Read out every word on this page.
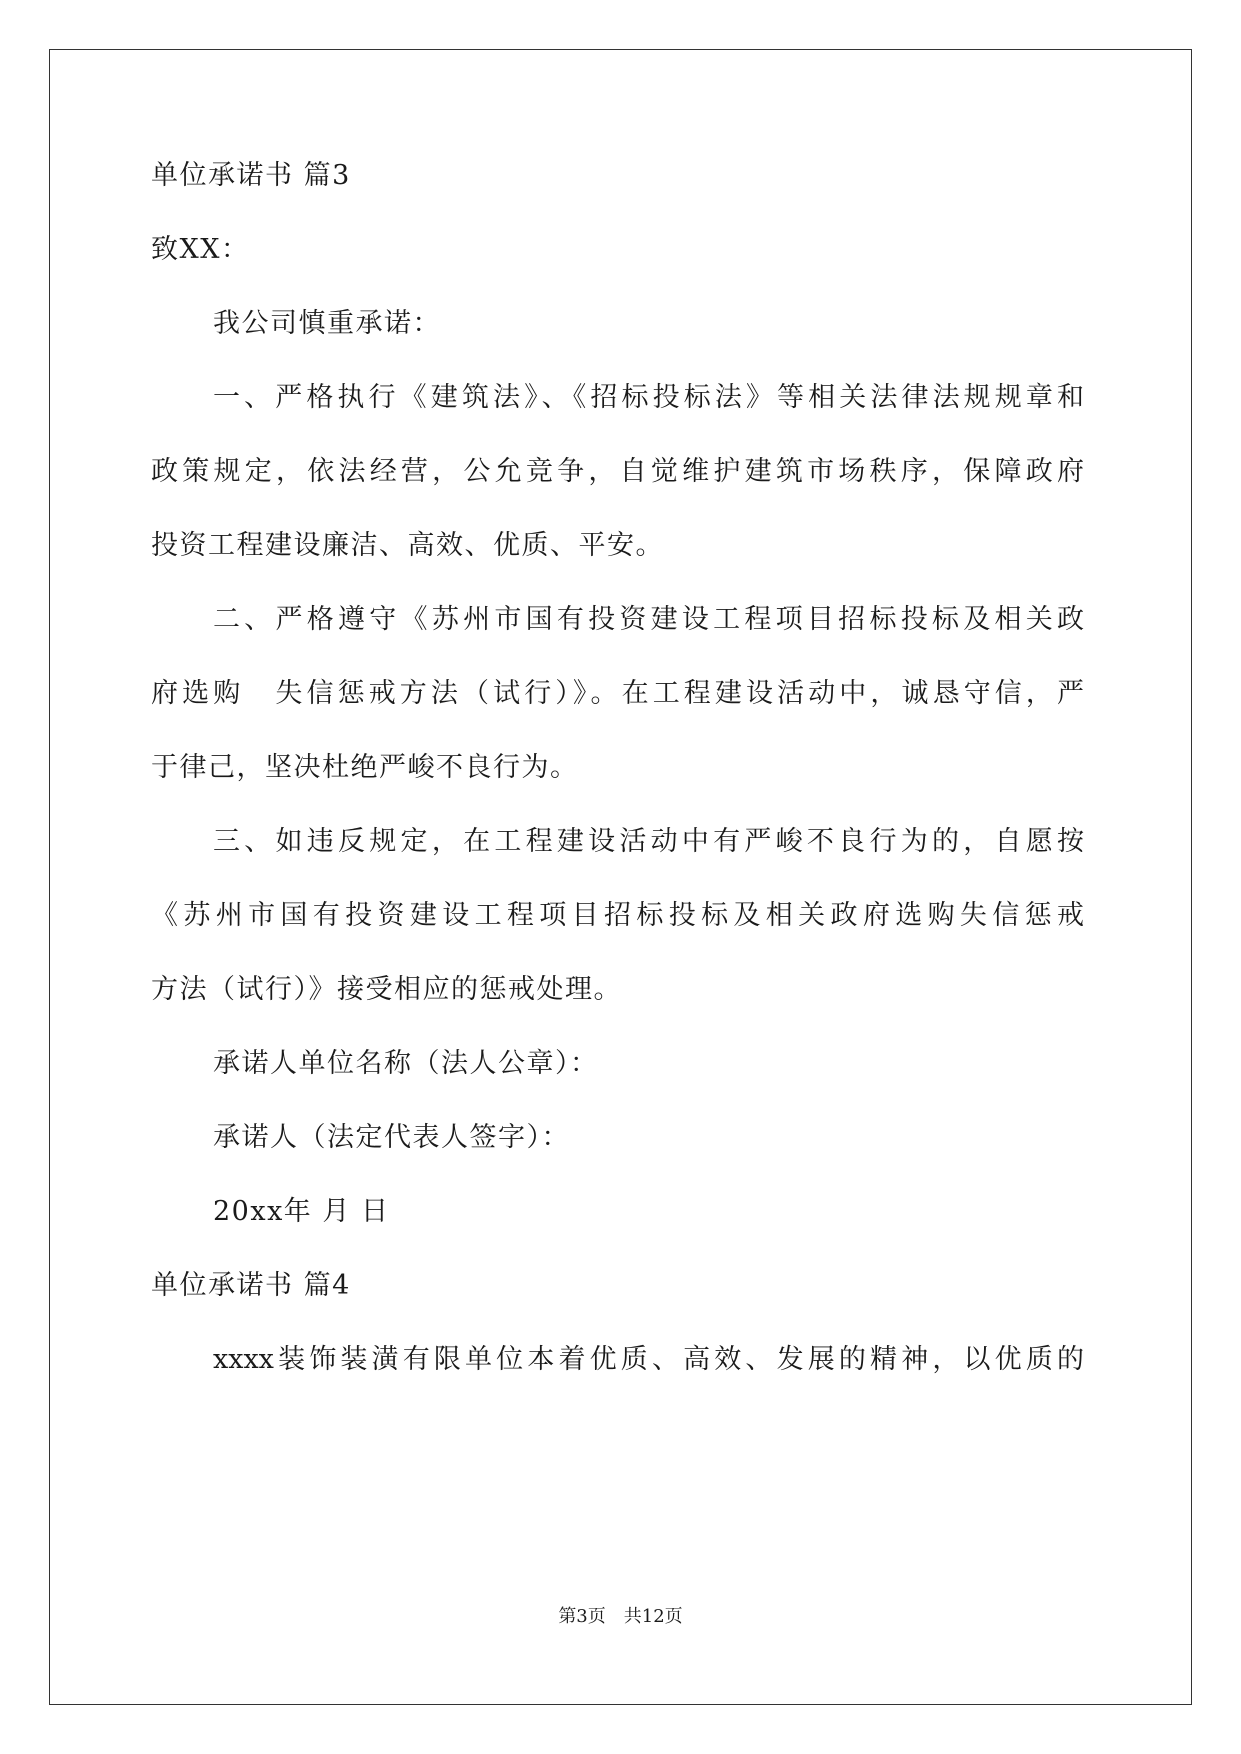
单位承诺书 篇3
致XX：
我公司慎重承诺：
一、严格执行《建筑法》、《招标投标法》等相关法律法规规章和
政策规定，依法经营，公允竞争，自觉维护建筑市场秩序，保障政府
投资工程建设廉洁、高效、优质、平安。
二、严格遵守《苏州市国有投资建设工程项目招标投标及相关政
府选购　失信惩戒方法（试行）》。在工程建设活动中，诚恳守信，严
于律己，坚决杜绝严峻不良行为。
三、如违反规定，在工程建设活动中有严峻不良行为的，自愿按
《苏州市国有投资建设工程项目招标投标及相关政府选购失信惩戒
方法（试行）》接受相应的惩戒处理。
承诺人单位名称（法人公章）：
承诺人（法定代表人签字）：
20xx年 月 日
单位承诺书 篇4
xxxx装饰装潢有限单位本着优质、高效、发展的精神，以优质的
第3页　共12页
